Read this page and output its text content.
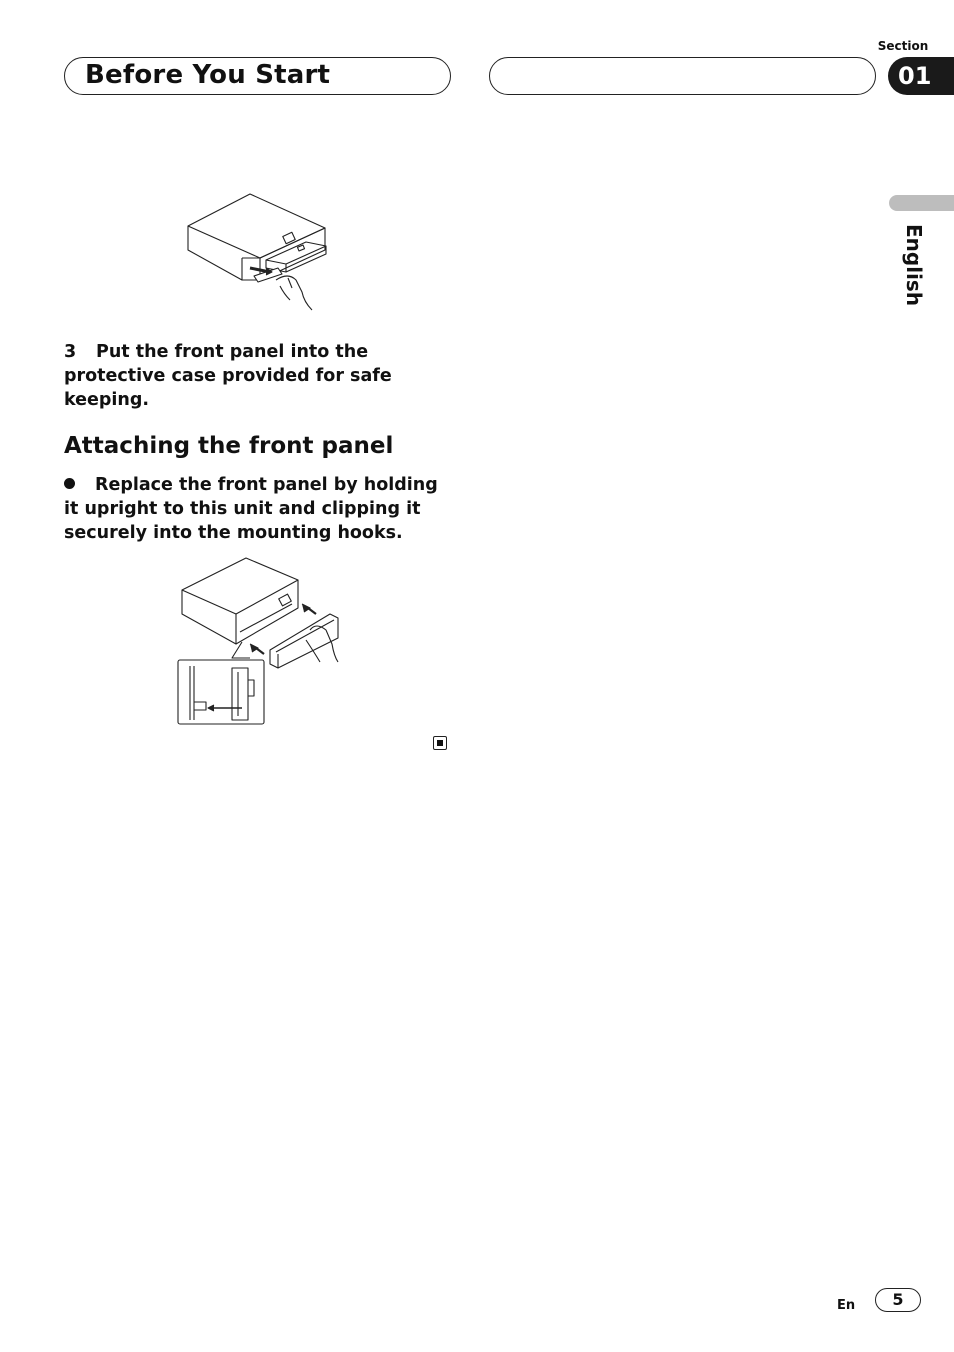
Before You Start
Section
01
English
3 Put the front panel into the protective case provided for safe keeping.
Attaching the front panel
Replace the front panel by holding it upright to this unit and clipping it securely into the mounting hooks.
En	5
